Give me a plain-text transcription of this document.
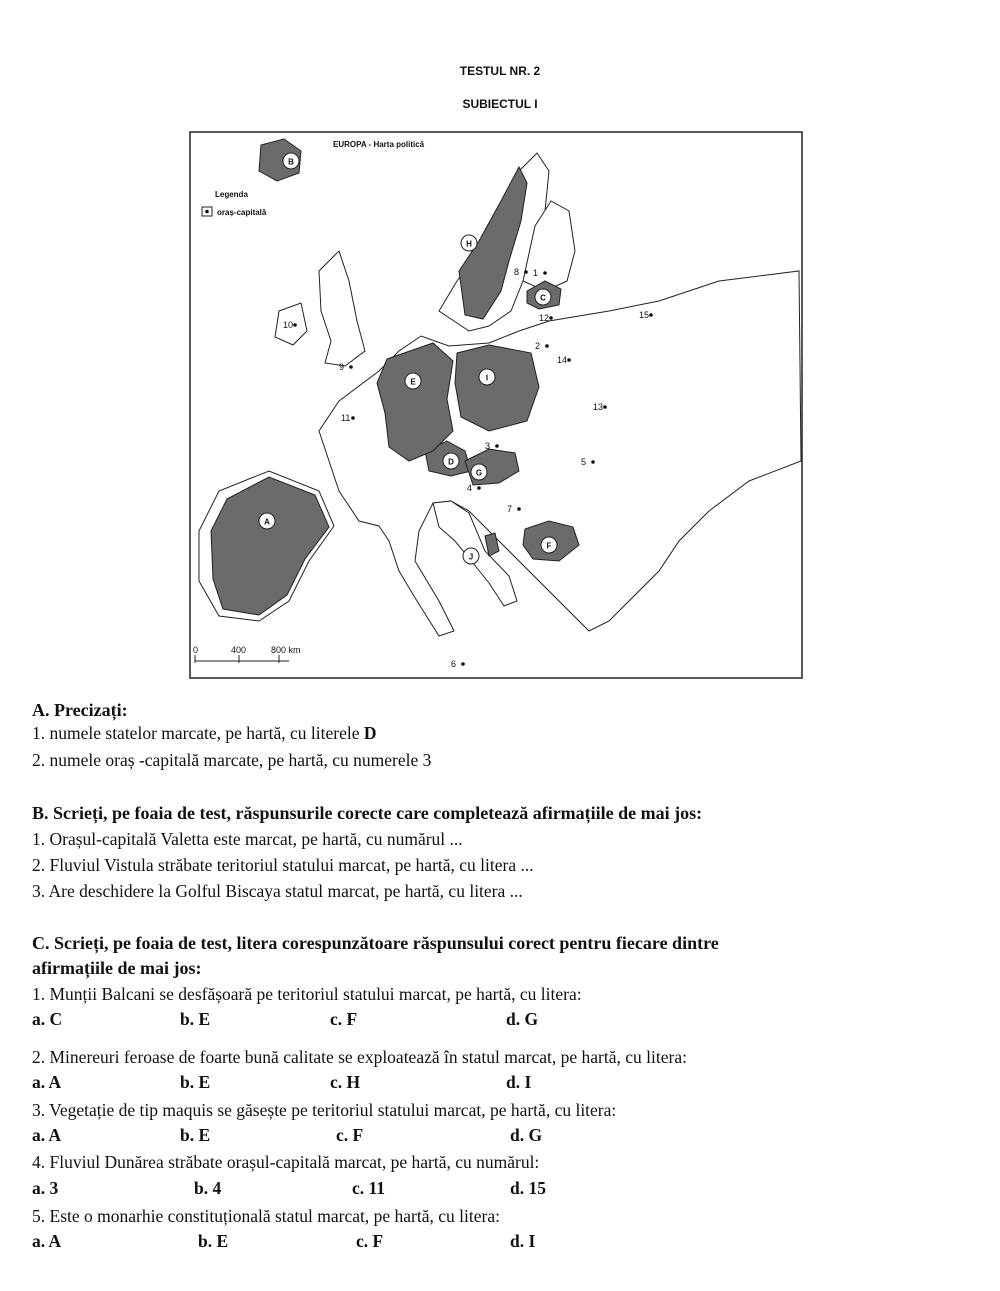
TESTUL NR. 2
SUBIECTUL I
EUROPA - Harta politică
Legenda
oraș-capitală
A
B
C
D
E
F
G
H
I
J
1
2
3
4
5
6
7
8
9
10
11
12
13
14
15
0	400	800 km
A. Precizați:
1. numele statelor marcate, pe hartă, cu literele D
2. numele oraș -capitală marcate, pe hartă, cu numerele 3
B. Scrieți, pe foaia de test, răspunsurile corecte care completează afirmațiile de mai jos:
1. Orașul-capitală Valetta este marcat, pe hartă, cu numărul ...
2. Fluviul Vistula străbate teritoriul statului marcat, pe hartă, cu litera ...
3. Are deschidere la Golful Biscaya statul marcat, pe hartă, cu litera ...
C. Scrieți, pe foaia de test, litera corespunzătoare răspunsului corect pentru fiecare dintre
afirmațiile de mai jos:
1. Munții Balcani se desfășoară pe teritoriul statului marcat, pe hartă, cu litera:
a. C	b. E	c. F	d. G
2. Minereuri feroase de foarte bună calitate se exploatează în statul marcat, pe hartă, cu litera:
a. A	b. E	c. H	d. I
3. Vegetație de tip maquis se găsește pe teritoriul statului marcat, pe hartă, cu litera:
a. A	b. E	c. F	d. G
4. Fluviul Dunărea străbate orașul-capitală marcat, pe hartă, cu numărul:
a. 3	b. 4	c. 11	d. 15
5. Este o monarhie constituțională statul marcat, pe hartă, cu litera:
a. A	b. E	c. F	d. I
